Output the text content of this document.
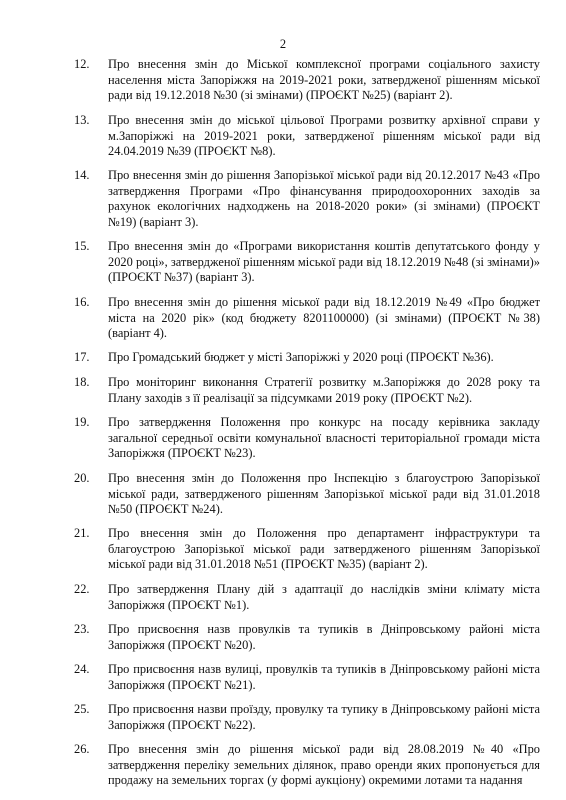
2
12.	Про внесення змін до Міської комплексної програми соціального захисту населення міста Запоріжжя на 2019-2021 роки, затвердженої рішенням міської ради від 19.12.2018 №30 (зі змінами) (ПРОЄКТ №25) (варіант 2).
13.	Про внесення змін до міської цільової Програми розвитку архівної справи у м.Запоріжжі на 2019-2021 роки, затвердженої рішенням міської ради від 24.04.2019 №39 (ПРОЄКТ №8).
14.	Про внесення змін до рішення Запорізької міської ради від 20.12.2017 №43 «Про затвердження Програми «Про фінансування природоохоронних заходів за рахунок екологічних надходжень на 2018-2020 роки» (зі змінами) (ПРОЄКТ №19) (варіант 3).
15.	Про внесення змін до «Програми використання коштів депутатського фонду у 2020 році», затвердженої рішенням міської ради від 18.12.2019 №48 (зі змінами)» (ПРОЄКТ №37) (варіант 3).
16.	Про внесення змін до рішення міської ради від 18.12.2019 №49 «Про бюджет міста на 2020 рік» (код бюджету 8201100000) (зі змінами) (ПРОЄКТ №38) (варіант 4).
17.	Про Громадський бюджет у місті Запоріжжі у 2020 році (ПРОЄКТ №36).
18.	Про моніторинг виконання Стратегії розвитку м.Запоріжжя до 2028 року та Плану заходів з її реалізації за підсумками 2019 року (ПРОЄКТ №2).
19.	Про затвердження Положення про конкурс на посаду керівника закладу загальної середньої освіти комунальної власності територіальної громади міста Запоріжжя (ПРОЄКТ №23).
20.	Про внесення змін до Положення про Інспекцію з благоустрою Запорізької міської ради, затвердженого рішенням Запорізької міської ради від 31.01.2018 №50 (ПРОЄКТ №24).
21.	Про внесення змін до Положення про департамент інфраструктури та благоустрою Запорізької міської ради затвердженого рішенням Запорізької міської ради від 31.01.2018 №51 (ПРОЄКТ №35) (варіант 2).
22.	Про затвердження Плану дій з адаптації до наслідків зміни клімату міста Запоріжжя (ПРОЄКТ №1).
23.	Про присвоєння назв провулків та тупиків в Дніпровському районі міста Запоріжжя (ПРОЄКТ №20).
24.	Про присвоєння назв вулиці, провулків та тупиків в Дніпровському районі міста Запоріжжя (ПРОЄКТ №21).
25.	Про присвоєння назви проїзду, провулку та тупику в Дніпровському районі міста Запоріжжя (ПРОЄКТ №22).
26.	Про внесення змін до рішення міської ради від 28.08.2019 №40 «Про затвердження переліку земельних ділянок, право оренди яких пропонується для продажу на земельних торгах (у формі аукціону) окремими лотами та надання
